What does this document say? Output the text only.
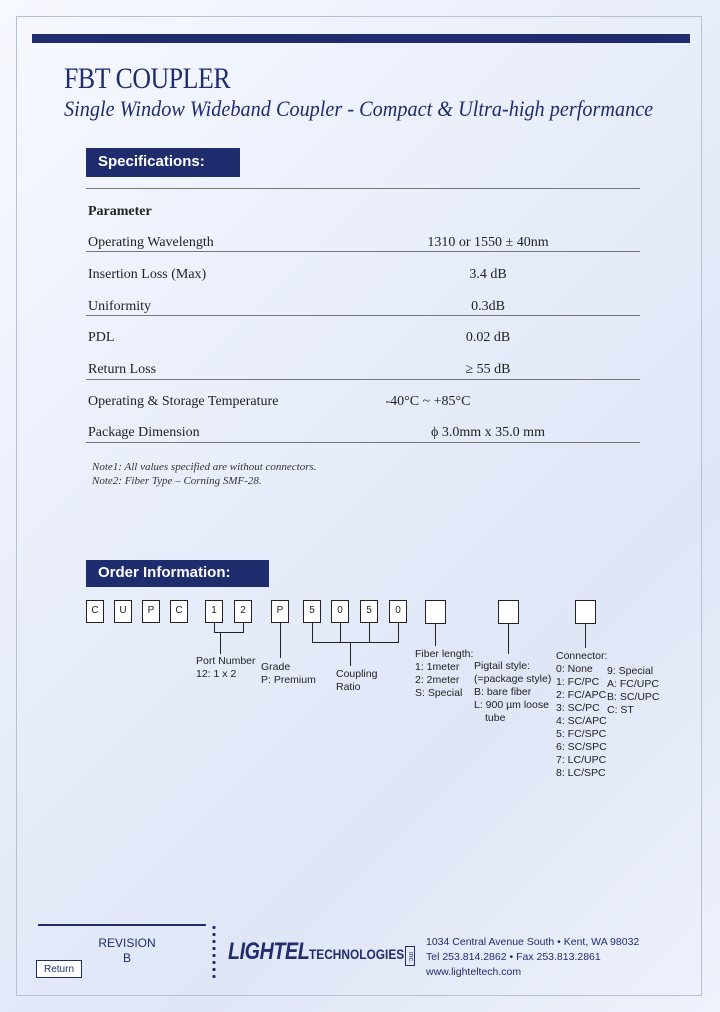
FBT COUPLER
Single Window Wideband Coupler - Compact & Ultra-high performance
Specifications:
Parameter
Operating Wavelength	1310 or 1550 ± 40nm
Insertion Loss (Max)	3.4 dB
Uniformity	0.3dB
PDL	0.02 dB
Return Loss	≥ 55 dB
Operating & Storage Temperature	-40°C ~ +85°C
Package Dimension	ϕ 3.0mm x 35.0 mm
Note1: All values specified are without connectors.
Note2: Fiber Type – Corning SMF-28.
Order Information:
C	U	P	C	1	2	P	5	0	5	0
Port Number
12: 1 x 2
Grade
P: Premium Coupling
Ratio
Fiber length:
1: 1meter
2: 2meter
S: Special
Pigtail style:
(=package style)
B: bare fiber
L: 900 µm loose
tube
Connector:
0: None
1: FC/PC
2: FC/APC
3: SC/PC
4: SC/APC
5: FC/SPC
6: SC/SPC
7: LC/UPC
8: LC/SPC
9: Special
A: FC/UPC
B: SC/UPC
C: ST
REVISION
B
Return
LIGHTEL TECHNOLOGIES inc.
1034 Central Avenue South • Kent, WA 98032
Tel 253.814.2862 • Fax 253.813.2861
www.lighteltech.com
